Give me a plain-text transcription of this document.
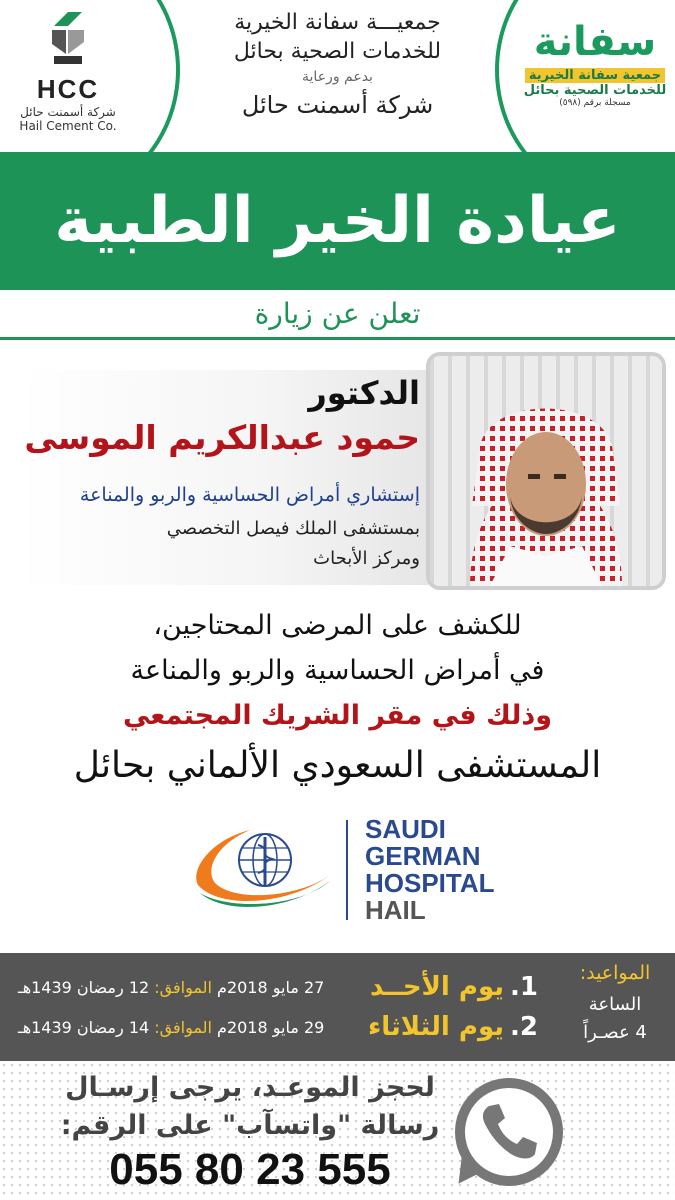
HCC
شركة أسمنت حائل
Hail Cement Co.
جمعيـــة سفانة الخيرية
للخدمات الصحية بحائل
بدعم ورعاية
شركة أسمنت حائل
سفانة
جمعية سفانة الخيرية
للخدمات الصحية بحائل
مسجلة برقم (٥٩٨)
عيادة الخير الطبية
تعلن عن زيارة
الدكتور
حمود عبدالكريم الموسى
إستشاري أمراض الحساسية والربو والمناعة
بمستشفى الملك فيصل التخصصي
ومركز الأبحاث
للكشف على المرضى المحتاجين،
في أمراض الحساسية والربو والمناعة
وذلك في مقر الشريك المجتمعي
المستشفى السعودي الألماني بحائل
SAUDI
GERMAN
HOSPITAL
HAIL
المواعيد:
الساعة
4 عصـراً
1.
يوم الأحــد
27 مايو 2018م الموافق: 12 رمضان 1439هـ
2.
يوم الثلاثاء
29 مايو 2018م الموافق: 14 رمضان 1439هـ
لحجز الموعـد، يرجى إرسـال
رسالة "واتسآب" على الرقم:
055 80 23 555
